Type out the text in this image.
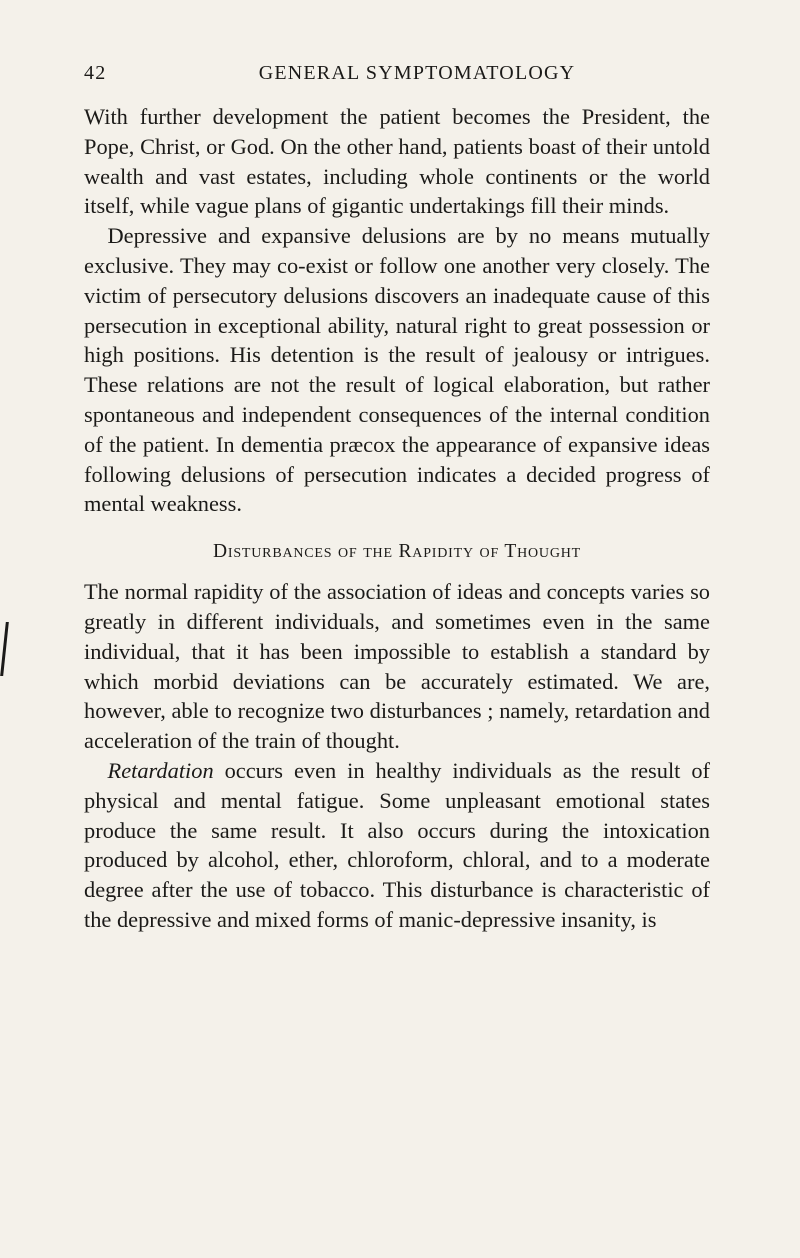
42	GENERAL SYMPTOMATOLOGY

With further development the patient becomes the President, the Pope, Christ, or God. On the other hand, patients boast of their untold wealth and vast estates, including whole continents or the world itself, while vague plans of gigantic undertakings fill their minds.

Depressive and expansive delusions are by no means mutually exclusive. They may co-exist or follow one another very closely. The victim of persecutory delusions discovers an inadequate cause of this persecution in exceptional ability, natural right to great possession or high positions. His detention is the result of jealousy or intrigues. These relations are not the result of logical elaboration, but rather spontaneous and independent consequences of the internal condition of the patient. In dementia præcox the appearance of expansive ideas following delusions of persecution indicates a decided progress of mental weakness.

Disturbances of the Rapidity of Thought

The normal rapidity of the association of ideas and concepts varies so greatly in different individuals, and sometimes even in the same individual, that it has been impossible to establish a standard by which morbid deviations can be accurately estimated. We are, however, able to recognize two disturbances ; namely, retardation and acceleration of the train of thought.

Retardation occurs even in healthy individuals as the result of physical and mental fatigue. Some unpleasant emotional states produce the same result. It also occurs during the intoxication produced by alcohol, ether, chloroform, chloral, and to a moderate degree after the use of tobacco. This disturbance is characteristic of the depressive and mixed forms of manic-depressive insanity, is
